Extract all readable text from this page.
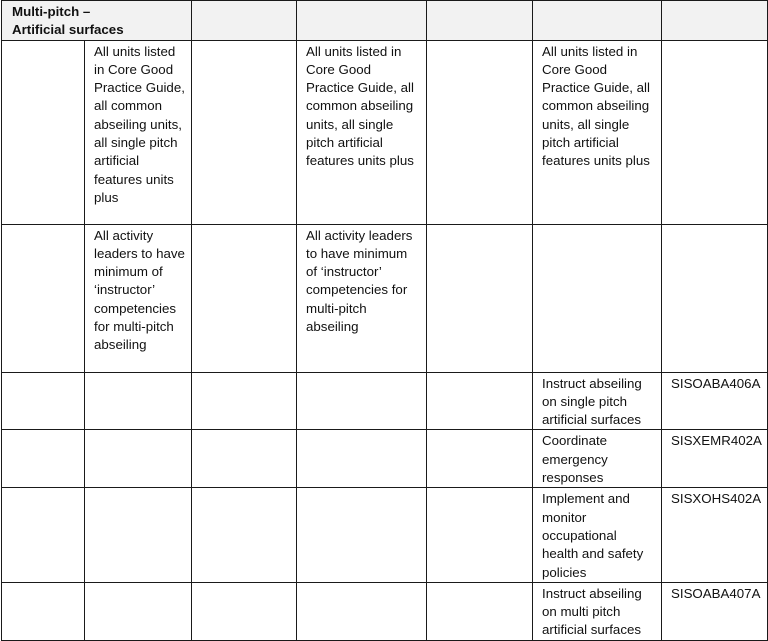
Multi-pitch – Artificial surfaces						
	All units listed in Core Good Practice Guide, all common abseiling units, all single pitch artificial features units plus		All units listed in Core Good Practice Guide, all common abseiling units, all single pitch artificial features units plus		All units listed in Core Good Practice Guide, all common abseiling units, all single pitch artificial features units plus	
	All activity leaders to have minimum of ‘instructor’ competencies for multi-pitch abseiling		All activity leaders to have minimum of ‘instructor’ competencies for multi-pitch abseiling			
					Instruct abseiling on single pitch artificial surfaces	SISOABA406A
					Coordinate emergency responses	SISXEMR402A
					Implement and monitor occupational health and safety policies	SISXOHS402A
					Instruct abseiling on multi pitch artificial surfaces	SISOABA407A
